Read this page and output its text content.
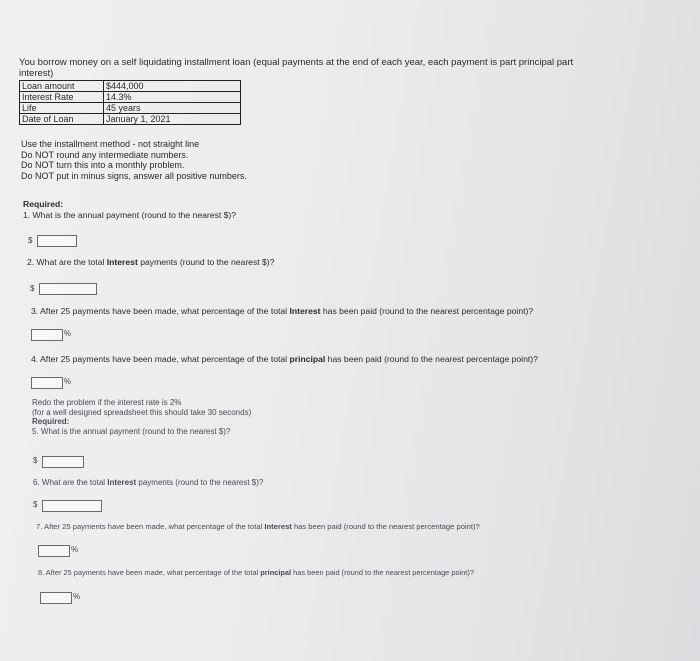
You borrow money on a self liquidating installment loan (equal payments at the end of each year, each payment is part principal part
interest)
Loan amount	$444,000
Interest Rate	14.3%
Life	45 years
Date of Loan	January 1, 2021
Use the installment method - not straight line
Do NOT round any intermediate numbers.
Do NOT turn this into a monthly problem.
Do NOT put in minus signs, answer all positive numbers.
Required:
1. What is the annual payment (round to the nearest $)?
$
2. What are the total Interest payments (round to the nearest $)?
$
3. After 25 payments have been made, what percentage of the total Interest has been paid (round to the nearest percentage point)?
%
4. After 25 payments have been made, what percentage of the total principal has been paid (round to the nearest percentage point)?
%
Redo the problem if the interest rate is 2%
(for a well designed spreadsheet this should take 30 seconds)
Required:
5. What is the annual payment (round to the nearest $)?
$
6. What are the total Interest payments (round to the nearest $)?
$
7. After 25 payments have been made, what percentage of the total Interest has been paid (round to the nearest percentage point)?
%
8. After 25 payments have been made, what percentage of the total principal has been paid (round to the nearest percentage point)?
%
